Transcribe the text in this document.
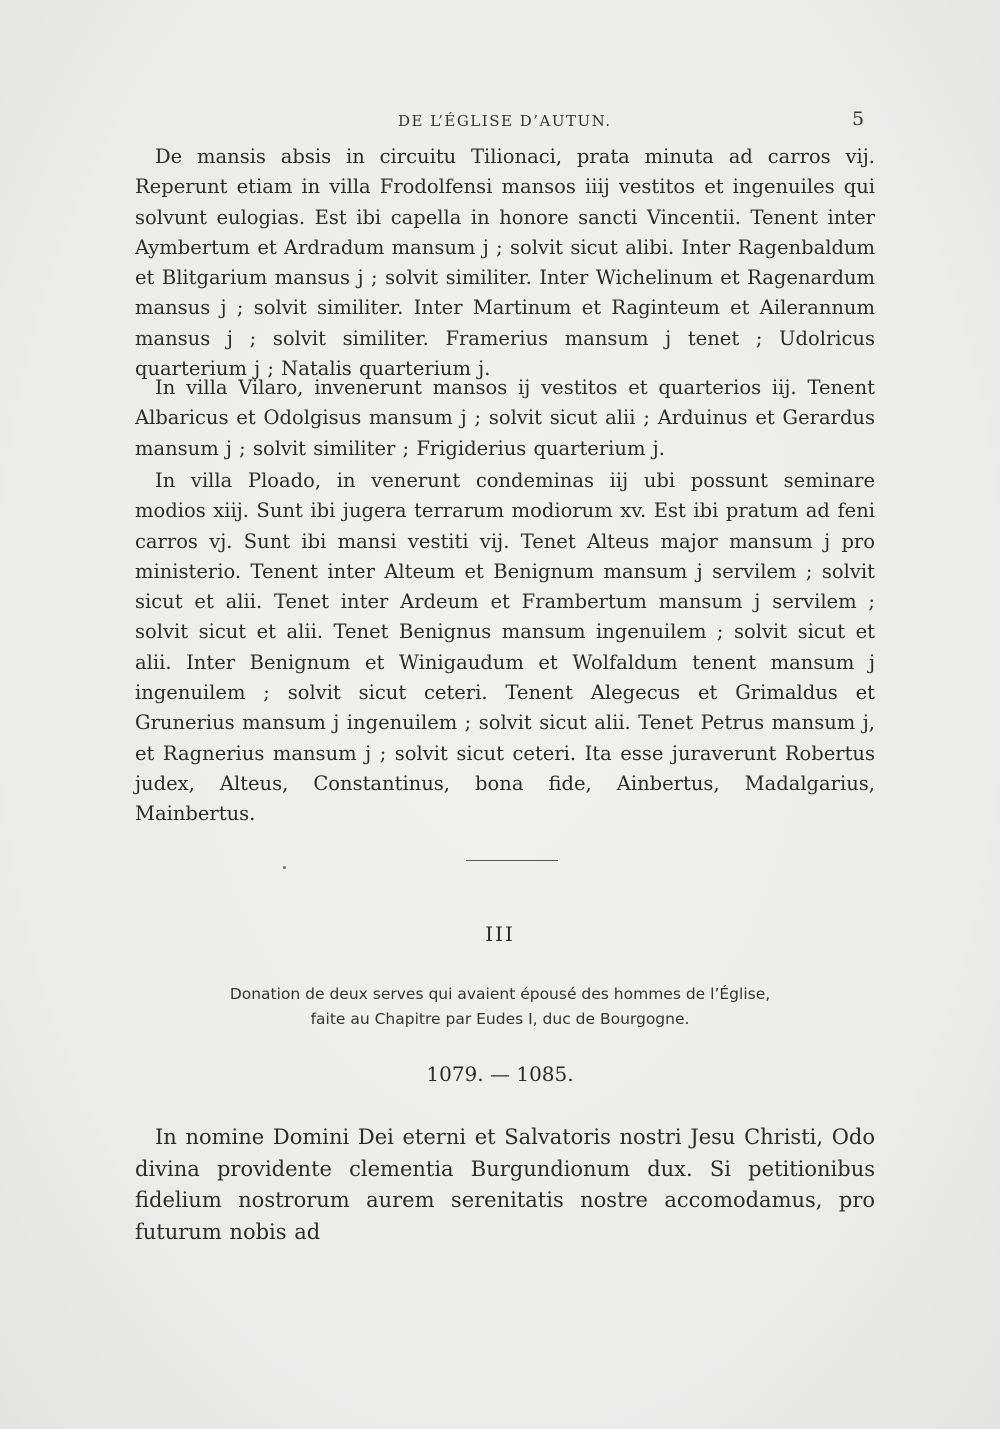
DE L’ÉGLISE D’AUTUN.	5

De mansis absis in circuitu Tilionaci, prata minuta ad carros vij. Reperunt etiam in villa Frodolfensi mansos iiij vestitos et ingenuiles qui solvunt eulogias. Est ibi capella in honore sancti Vincentii. Tenent inter Aymbertum et Ardradum mansum j ; solvit sicut alibi. Inter Ragenbaldum et Blitgarium mansus j ; solvit similiter. Inter Wichelinum et Ragenardum mansus j ; solvit similiter. Inter Martinum et Raginteum et Ailerannum mansus j ; solvit similiter. Framerius mansum j tenet ; Udolricus quarterium j ; Natalis quarterium j.

In villa Vilaro, invenerunt mansos ij vestitos et quarterios iij. Tenent Albaricus et Odolgisus mansum j ; solvit sicut alii ; Arduinus et Gerardus mansum j ; solvit similiter ; Frigiderius quarterium j.

In villa Ploado, in venerunt condeminas iij ubi possunt seminare modios xiij. Sunt ibi jugera terrarum modiorum xv. Est ibi pratum ad feni carros vj. Sunt ibi mansi vestiti vij. Tenet Alteus major mansum j pro ministerio. Tenent inter Alteum et Benignum mansum j servilem ; solvit sicut et alii. Tenet inter Ardeum et Frambertum mansum j servilem ; solvit sicut et alii. Tenet Benignus mansum ingenuilem ; solvit sicut et alii. Inter Benignum et Winigaudum et Wolfaldum tenent mansum j ingenuilem ; solvit sicut ceteri. Tenent Alegecus et Grimaldus et Grunerius mansum j ingenuilem ; solvit sicut alii. Tenet Petrus mansum j, et Ragnerius mansum j ; solvit sicut ceteri. Ita esse juraverunt Robertus judex, Alteus, Constantinus, bona fide, Ainbertus, Madalgarius, Mainbertus.

III
Donation de deux serves qui avaient épousé des hommes de l’Église,
faite au Chapitre par Eudes I, duc de Bourgogne.
1079. — 1085.

In nomine Domini Dei eterni et Salvatoris nostri Jesu Christi, Odo divina providente clementia Burgundionum dux. Si petitionibus fidelium nostrorum aurem serenitatis nostre accomodamus, pro futurum nobis ad
